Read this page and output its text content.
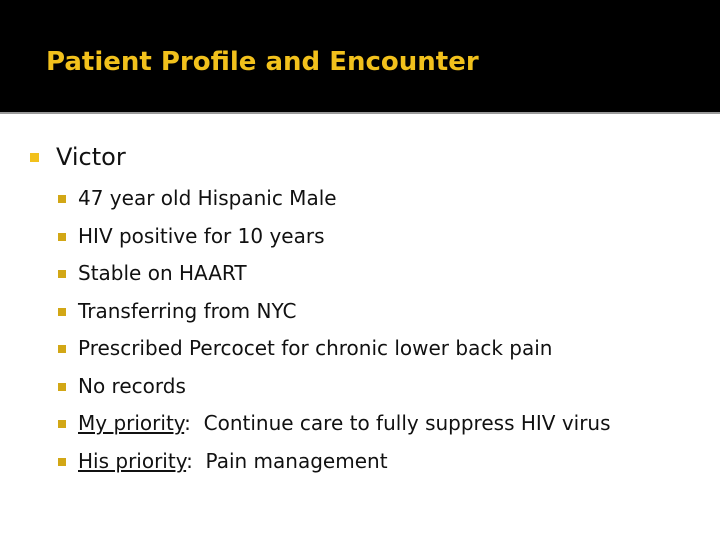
Patient Profile and Encounter
Victor
47 year old Hispanic Male
HIV positive for 10 years
Stable on HAART
Transferring from NYC
Prescribed Percocet for chronic lower back pain
No records
My priority:  Continue care to fully suppress HIV virus
His priority:  Pain management
